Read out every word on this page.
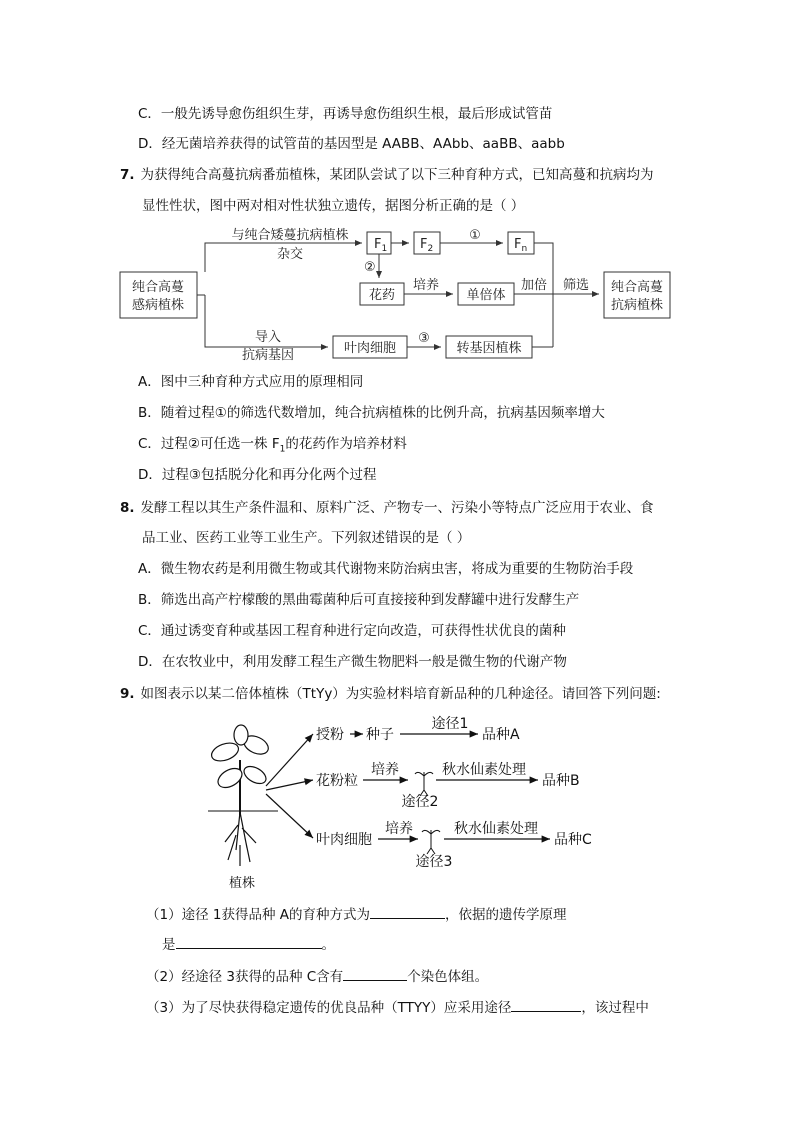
C．一般先诱导愈伤组织生芽，再诱导愈伤组织生根，最后形成试管苗
D．经无菌培养获得的试管苗的基因型是 AABB、AAbb、aaBB、aabb
7. 为获得纯合高蔓抗病番茄植株，某团队尝试了以下三种育种方式，已知高蔓和抗病均为
显性性状，图中两对相对性状独立遗传，据图分析正确的是（ ）
纯合高蔓
感病植株
纯合高蔓
抗病植株
与纯合矮蔓抗病植株
杂交
$F_1$	$F_2$	$F_n$
①
②
花药
培养
单倍体
加倍 筛选
导入
抗病基因	叶肉细胞
③
转基因植株
A．图中三种育种方式应用的原理相同
B．随着过程①的筛选代数增加，纯合抗病植株的比例升高，抗病基因频率增大
C．过程②可任选一株 $F_1$的花药作为培养材料
D．过程③包括脱分化和再分化两个过程
8. 发酵工程以其生产条件温和、原料广泛、产物专一、污染小等特点广泛应用于农业、食
品工业、医药工业等工业生产。下列叙述错误的是（ ）
A．微生物农药是利用微生物或其代谢物来防治病虫害，将成为重要的生物防治手段
B．筛选出高产柠檬酸的黑曲霉菌种后可直接接种到发酵罐中进行发酵生产
C．通过诱变育种或基因工程育种进行定向改造，可获得性状优良的菌种
D．在农牧业中，利用发酵工程生产微生物肥料一般是微生物的代谢产物
9. 如图表示以某二倍体植株（TtYy）为实验材料培育新品种的几种途径。请回答下列问题:
植株
授粉 种子
途径1
品种A
花粉粒
培养	秋水仙素处理
途径2
品种B
叶肉细胞
培养	秋水仙素处理
途径3
品种C
（1）途径 1获得品种 A的育种方式为	，依据的遗传学原理
是	。
（2）经途径 3获得的品种 C含有	个染色体组。
（3）为了尽快获得稳定遗传的优良品种（TTYY）应采用途径	，该过程中
